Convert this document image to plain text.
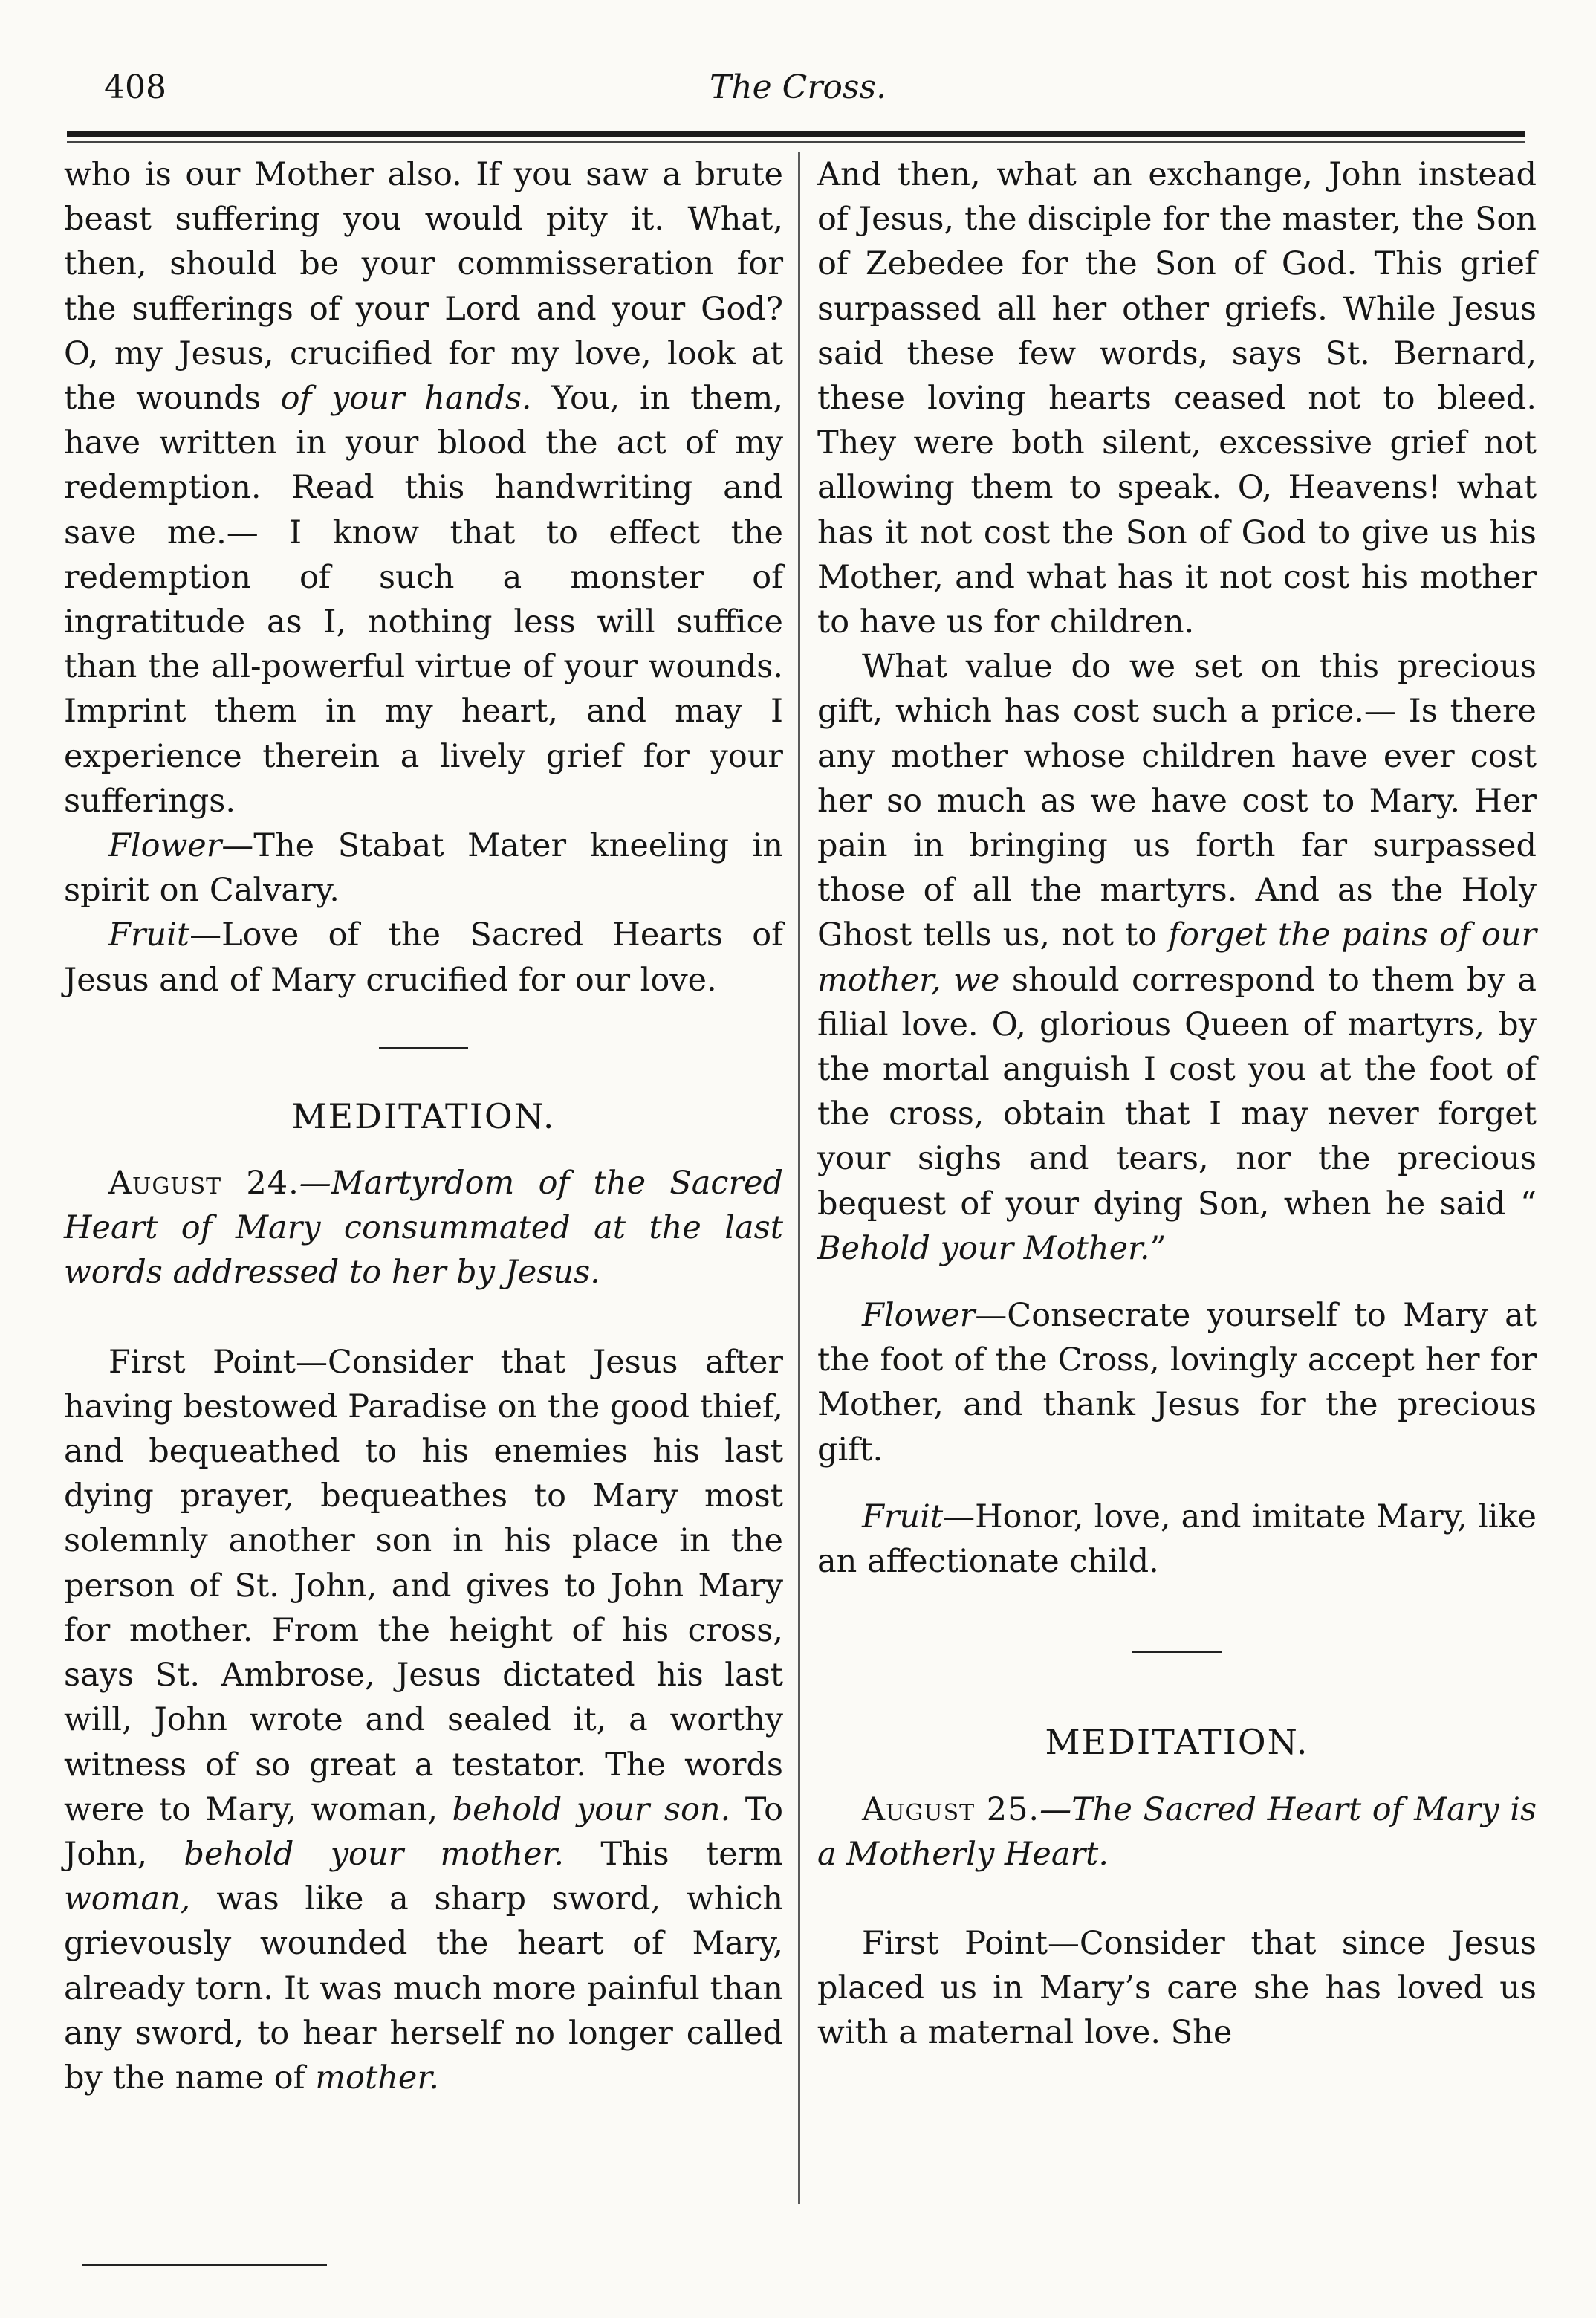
408	The Cross.

who is our Mother also. If you saw a brute beast suffering you would pity it. What, then, should be your commisseration for the sufferings of your Lord and your God? O, my Jesus, crucified for my love, look at the wounds of your hands. You, in them, have written in your blood the act of my redemption. Read this handwriting and save me.— I know that to effect the redemption of such a monster of ingratitude as I, nothing less will suffice than the all-powerful virtue of your wounds. Imprint them in my heart, and may I experience therein a lively grief for your sufferings.

Flower—The Stabat Mater kneeling in spirit on Calvary.

Fruit—Love of the Sacred Hearts of Jesus and of Mary crucified for our love.

MEDITATION.

August 24.—Martyrdom of the Sacred Heart of Mary consummated at the last words addressed to her by Jesus.

First Point—Consider that Jesus after having bestowed Paradise on the good thief, and bequeathed to his enemies his last dying prayer, bequeathes to Mary most solemnly another son in his place in the person of St. John, and gives to John Mary for mother. From the height of his cross, says St. Ambrose, Jesus dictated his last will, John wrote and sealed it, a worthy witness of so great a testator. The words were to Mary, woman, behold your son. To John, behold your mother. This term woman, was like a sharp sword, which grievously wounded the heart of Mary, already torn. It was much more painful than any sword, to hear herself no longer called by the name of mother.

And then, what an exchange, John instead of Jesus, the disciple for the master, the Son of Zebedee for the Son of God. This grief surpassed all her other griefs. While Jesus said these few words, says St. Bernard, these loving hearts ceased not to bleed. They were both silent, excessive grief not allowing them to speak. O, Heavens! what has it not cost the Son of God to give us his Mother, and what has it not cost his mother to have us for children.

What value do we set on this precious gift, which has cost such a price.— Is there any mother whose children have ever cost her so much as we have cost to Mary. Her pain in bringing us forth far surpassed those of all the martyrs. And as the Holy Ghost tells us, not to forget the pains of our mother, we should correspond to them by a filial love. O, glorious Queen of martyrs, by the mortal anguish I cost you at the foot of the cross, obtain that I may never forget your sighs and tears, nor the precious bequest of your dying Son, when he said “ Behold your Mother.”

Flower—Consecrate yourself to Mary at the foot of the Cross, lovingly accept her for Mother, and thank Jesus for the precious gift.

Fruit—Honor, love, and imitate Mary, like an affectionate child.

MEDITATION.

August 25.—The Sacred Heart of Mary is a Motherly Heart.

First Point—Consider that since Jesus placed us in Mary’s care she has loved us with a maternal love. She
